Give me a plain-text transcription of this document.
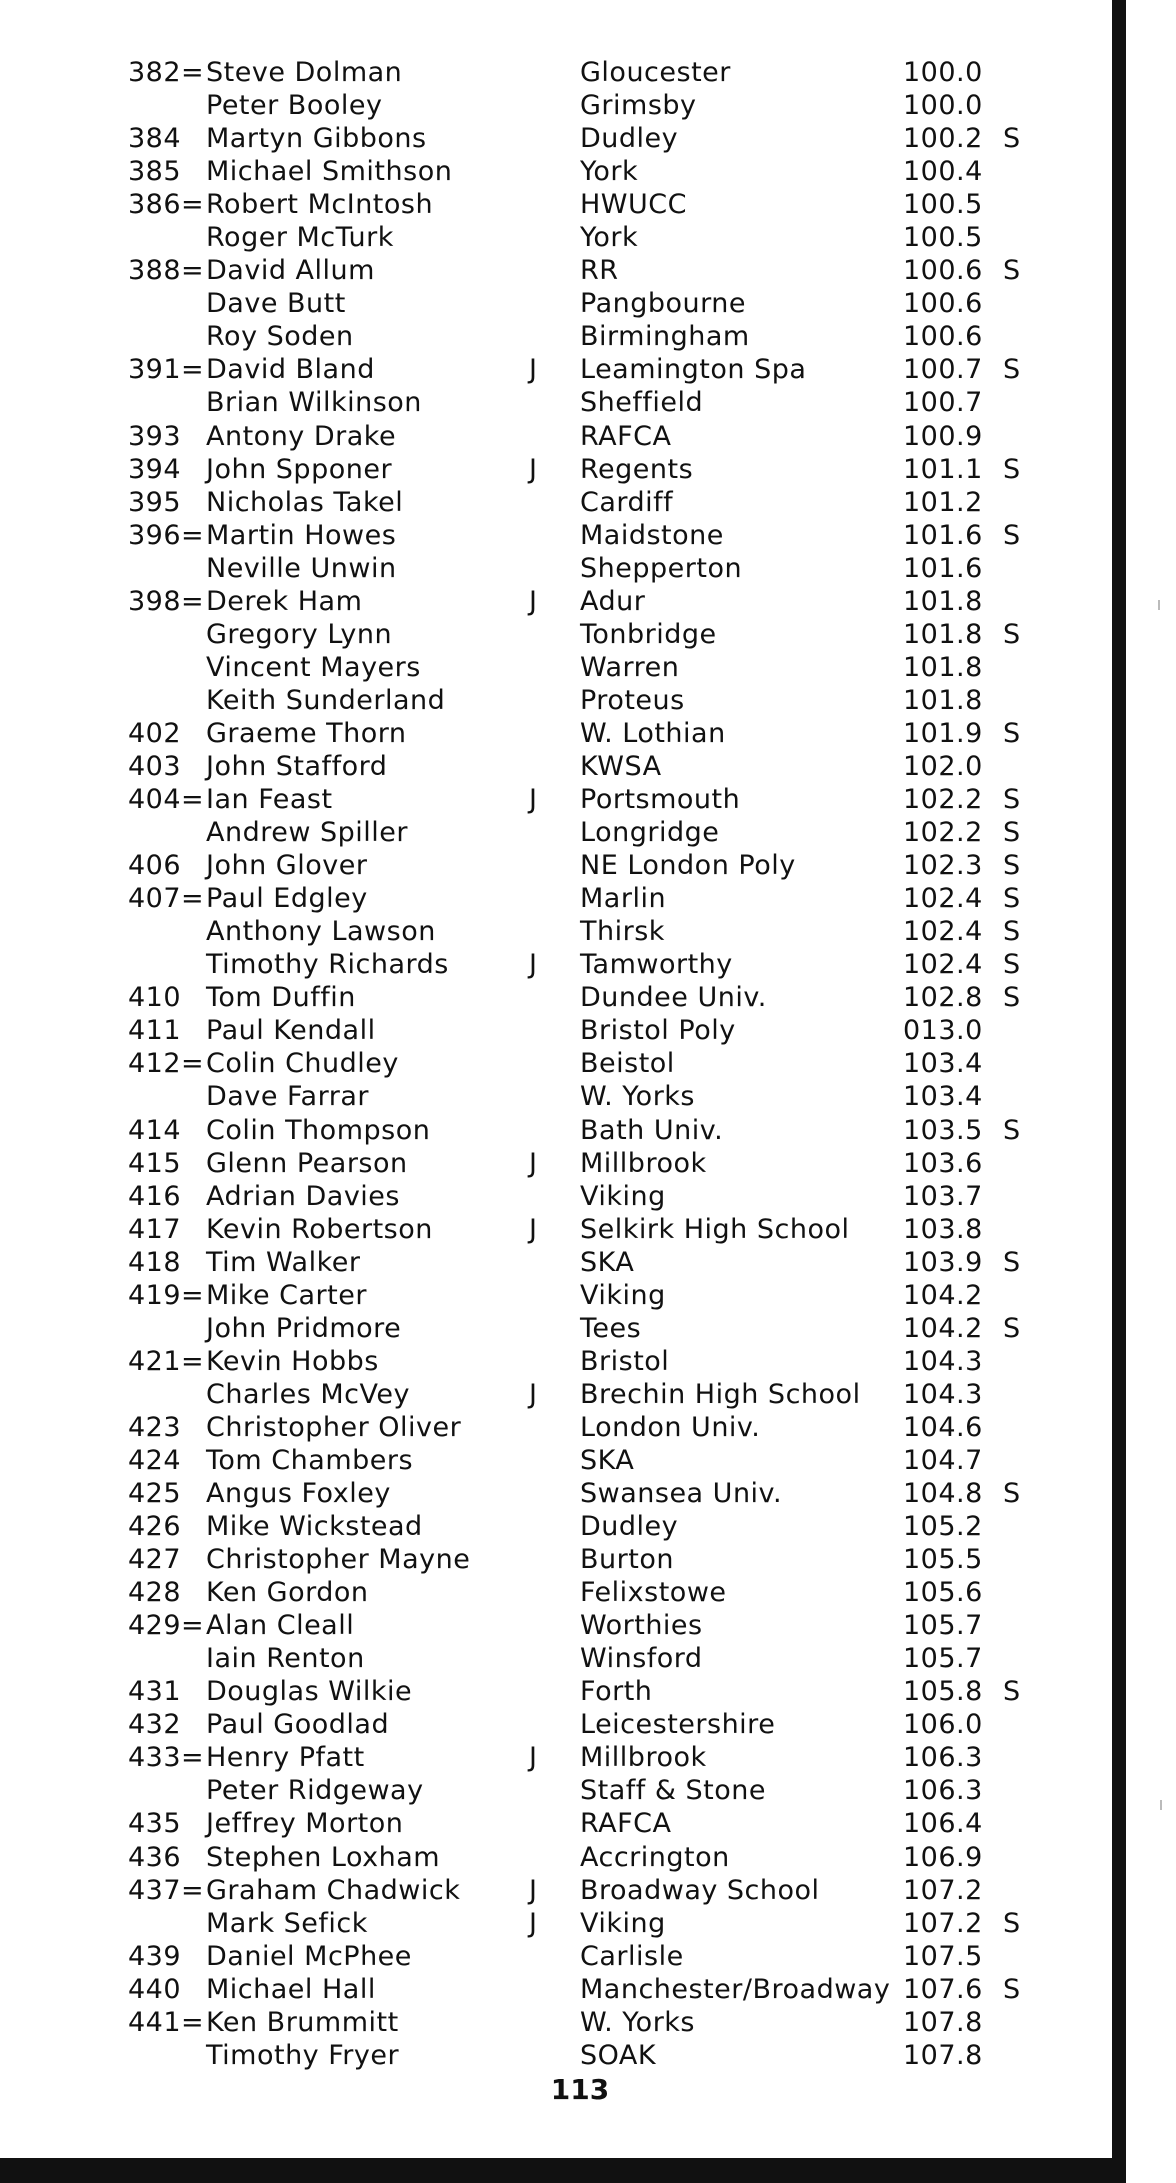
382= Steve Dolman	Gloucester	100.0
Peter Booley	Grimsby	100.0
384 Martyn Gibbons	Dudley	100.2 S
385 Michael Smithson	York	100.4
386= Robert McIntosh	HWUCC	100.5
Roger McTurk	York	100.5
388= David Allum	RR	100.6 S
Dave Butt	Pangbourne	100.6
Roy Soden	Birmingham	100.6
391= David Bland	J Leamington Spa	100.7 S
Brian Wilkinson	Sheffield	100.7
393 Antony Drake	RAFCA	100.9
394 John Spponer	J Regents	101.1 S
395 Nicholas Takel	Cardiff	101.2
396= Martin Howes	Maidstone	101.6 S
Neville Unwin	Shepperton	101.6
398= Derek Ham	J Adur	101.8
Gregory Lynn	Tonbridge	101.8 S
Vincent Mayers	Warren	101.8
Keith Sunderland	Proteus	101.8
402 Graeme Thorn	W. Lothian	101.9 S
403 John Stafford	KWSA	102.0
404= Ian Feast	J Portsmouth	102.2 S
Andrew Spiller	Longridge	102.2 S
406 John Glover	NE London Poly	102.3 S
407= Paul Edgley	Marlin	102.4 S
Anthony Lawson	Thirsk	102.4 S
Timothy Richards	J Tamworthy	102.4 S
410 Tom Duffin	Dundee Univ.	102.8 S
411 Paul Kendall	Bristol Poly	013.0
412= Colin Chudley	Beistol	103.4
Dave Farrar	W. Yorks	103.4
414 Colin Thompson	Bath Univ.	103.5 S
415 Glenn Pearson	J Millbrook	103.6
416 Adrian Davies	Viking	103.7
417 Kevin Robertson	J Selkirk High School 103.8
418 Tim Walker	SKA	103.9 S
419= Mike Carter	Viking	104.2
John Pridmore	Tees	104.2 S
421= Kevin Hobbs	Bristol	104.3
Charles McVey	J Brechin High School 104.3
423 Christopher Oliver	London Univ.	104.6
424 Tom Chambers	SKA	104.7
425 Angus Foxley	Swansea Univ.	104.8 S
426 Mike Wickstead	Dudley	105.2
427 Christopher Mayne	Burton	105.5
428 Ken Gordon	Felixstowe	105.6
429= Alan Cleall	Worthies	105.7
Iain Renton	Winsford	105.7
431 Douglas Wilkie	Forth	105.8 S
432 Paul Goodlad	Leicestershire	106.0
433= Henry Pfatt	J Millbrook	106.3
Peter Ridgeway	Staff & Stone	106.3
435 Jeffrey Morton	RAFCA	106.4
436 Stephen Loxham	Accrington	106.9
437= Graham Chadwick	J Broadway School	107.2
Mark Sefick	J Viking	107.2 S
439 Daniel McPhee	Carlisle	107.5
440 Michael Hall	Manchester/Broadway 107.6 S
441= Ken Brummitt	W. Yorks	107.8
Timothy Fryer	SOAK	107.8
113
